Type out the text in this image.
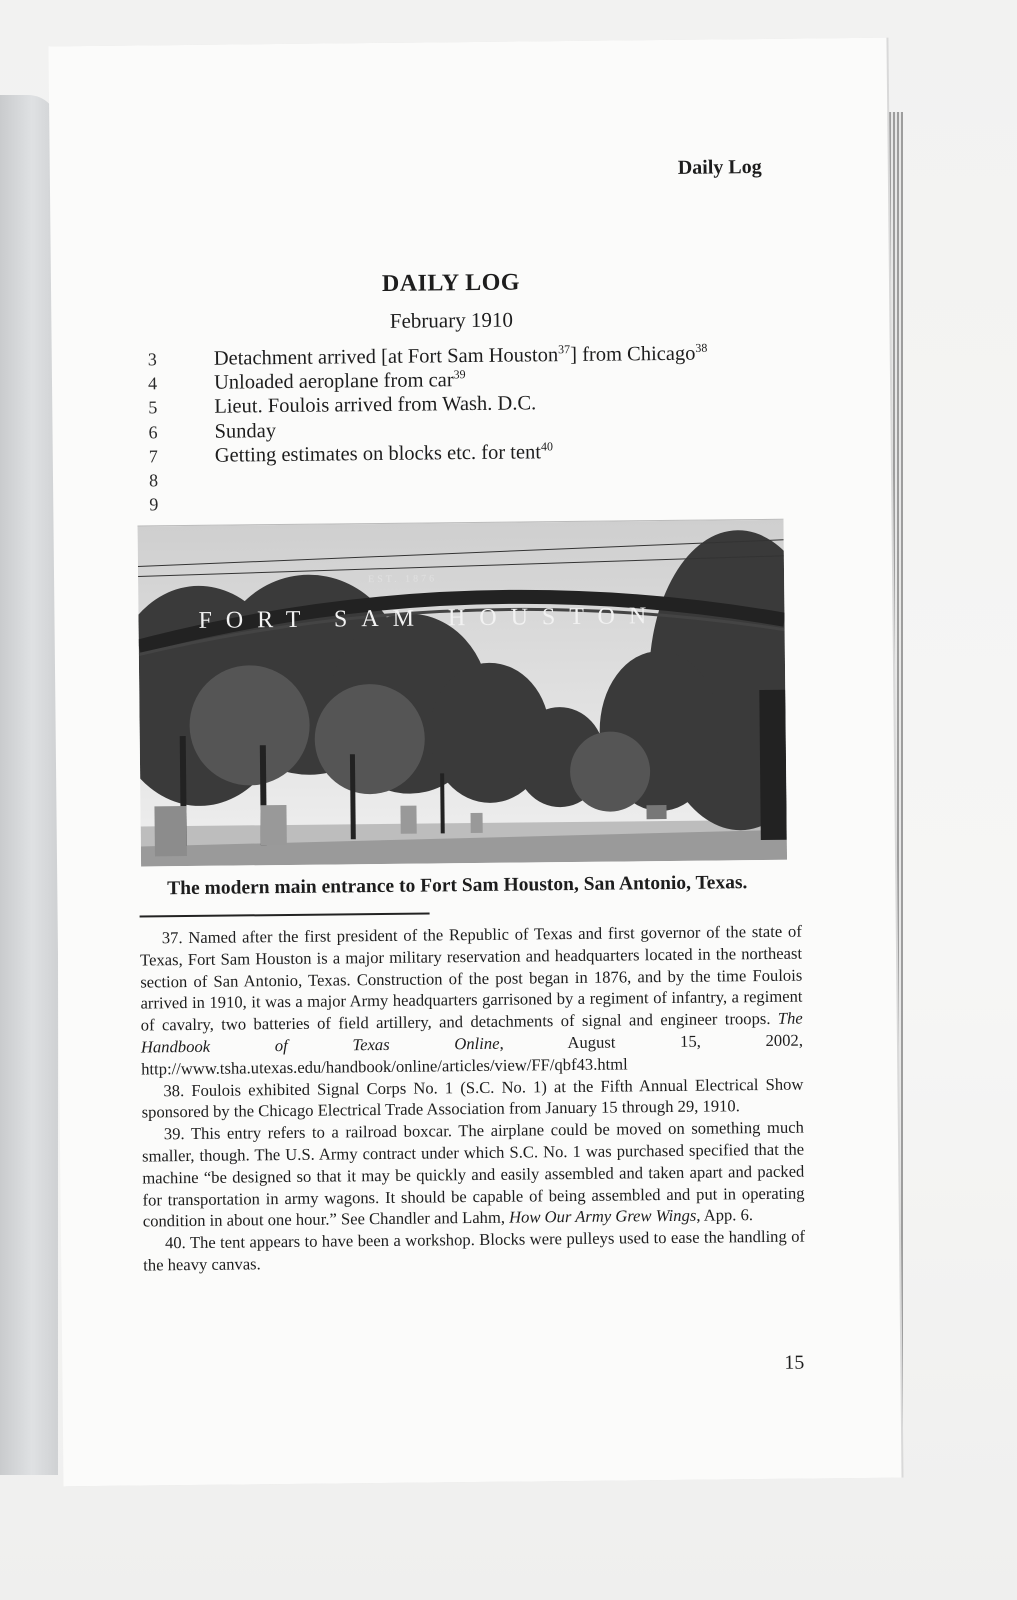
Daily Log
DAILY LOG
February 1910
3	Detachment arrived [at Fort Sam Houston$^{37}$] from Chicago$^{38}$
4	Unloaded aeroplane from car$^{39}$
5	Lieut. Foulois arrived from Wash. D.C.
6	Sunday
7	Getting estimates on blocks etc. for tent$^{40}$
8
9
FORT SAM HOUSTON
EST. 1876
The modern main entrance to Fort Sam Houston, San Antonio, Texas.

37. Named after the first president of the Republic of Texas and first governor of the state of Texas, Fort Sam Houston is a major military reservation and headquarters located in the northeast section of San Antonio, Texas. Construction of the post began in 1876, and by the time Foulois arrived in 1910, it was a major Army headquarters garrisoned by a regiment of infantry, a regiment of cavalry, two batteries of field artillery, and detachments of signal and engineer troops. The Handbook of Texas Online, August 15, 2002, http://www.tsha.utexas.edu/handbook/online/articles/view/FF/qbf43.html

38. Foulois exhibited Signal Corps No. 1 (S.C. No. 1) at the Fifth Annual Electrical Show sponsored by the Chicago Electrical Trade Association from January 15 through 29, 1910.

39. This entry refers to a railroad boxcar. The airplane could be moved on something much smaller, though. The U.S. Army contract under which S.C. No. 1 was purchased specified that the machine “be designed so that it may be quickly and easily assembled and taken apart and packed for transportation in army wagons. It should be capable of being assembled and put in operating condition in about one hour.” See Chandler and Lahm, How Our Army Grew Wings, App. 6.

40. The tent appears to have been a workshop. Blocks were pulleys used to ease the handling of the heavy canvas.

15
